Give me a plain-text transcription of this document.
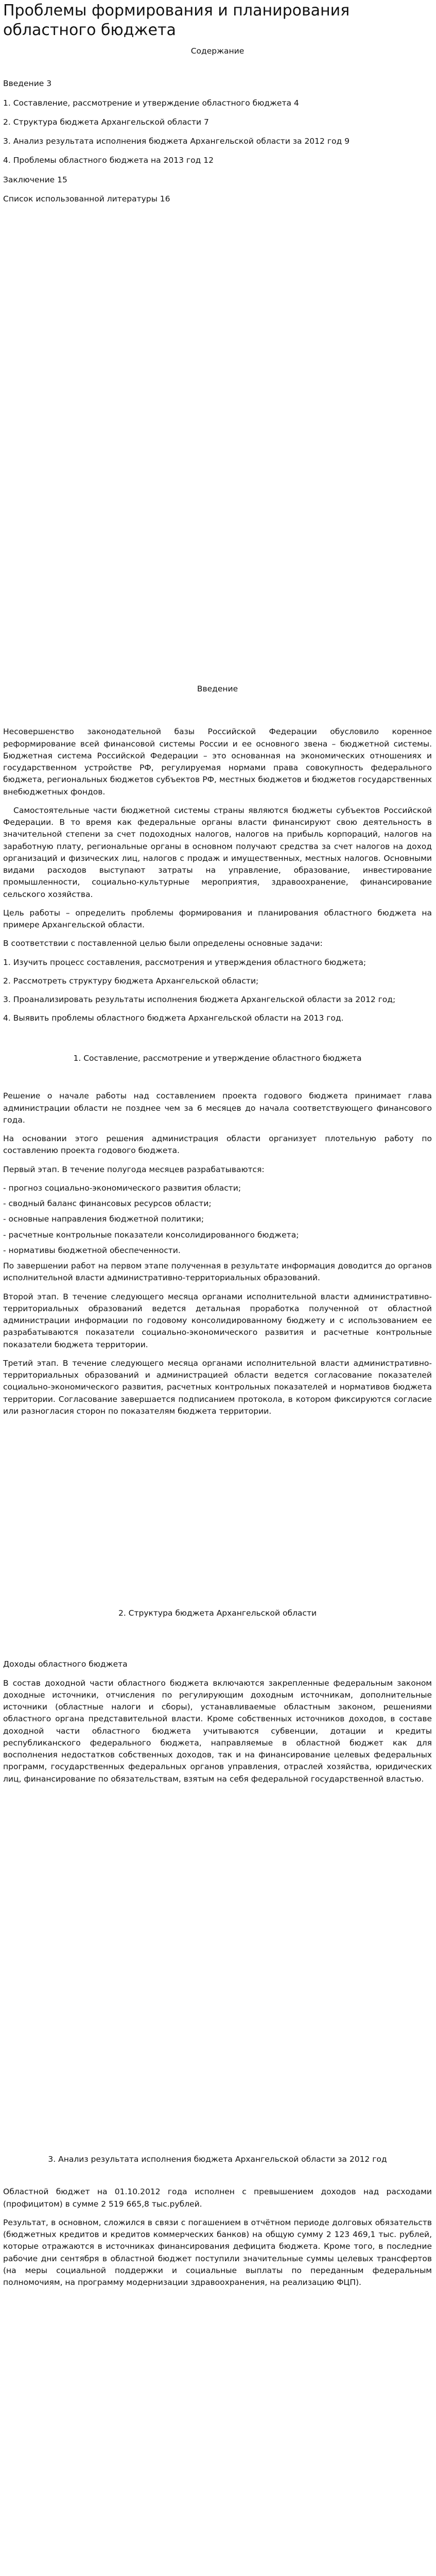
Проблемы формирования и планирования областного бюджета

Содержание

Введение 3

1. Составление, рассмотрение и утверждение областного бюджета 4

2. Структура бюджета Архангельской области 7

3. Анализ результата исполнения бюджета Архангельской области за 2012 год 9

4. Проблемы областного бюджета на 2013 год 12

Заключение 15

Список использованной литературы 16

Введение

Несовершенство законодательной базы Российской Федерации обусловило коренное реформирование всей финансовой системы России и ее основного звена – бюджетной системы. Бюджетная система Российской Федерации – это основанная на экономических отношениях и государственном устройстве РФ, регулируемая нормами права совокупность федерального бюджета, региональных бюджетов субъектов РФ, местных бюджетов и бюджетов государственных внебюджетных фондов.

Самостоятельные части бюджетной системы страны являются бюджеты субъектов Российской Федерации. В то время как федеральные органы власти финансируют свою деятельность в значительной степени за счет подоходных налогов, налогов на прибыль корпораций, налогов на заработную плату, региональные органы в основном получают средства за счет налогов на доход организаций и физических лиц, налогов с продаж и имущественных, местных налогов. Основными видами расходов выступают затраты на управление, образование, инвестирование промышленности, социально-культурные мероприятия, здравоохранение, финансирование сельского хозяйства.

Цель работы – определить проблемы формирования и планирования областного бюджета на примере Архангельской области.

В соответствии с поставленной целью были определены основные задачи:

1. Изучить процесс составления, рассмотрения и утверждения областного бюджета;

2. Рассмотреть структуру бюджета Архангельской области;

3. Проанализировать результаты исполнения бюджета Архангельской области за 2012 год;

4. Выявить проблемы областного бюджета Архангельской области на 2013 год.

1. Составление, рассмотрение и утверждение областного бюджета

Решение о начале работы над составлением проекта годового бюджета принимает глава администрации области не позднее чем за 6 месяцев до начала соответствующего финансового года.

На основании этого решения администрация области организует плотельную работу по составлению проекта годового бюджета.

Первый этап. В течение полугода месяцев разрабатываются:

- прогноз социально-экономического развития области;

- сводный баланс финансовых ресурсов области;

- основные направления бюджетной политики;

- расчетные контрольные показатели консолидированного бюджета;

- нормативы бюджетной обеспеченности.

По завершении работ на первом этапе полученная в результате информация доводится до органов исполнительной власти административно-территориальных образований.

Второй этап. В течение следующего месяца органами исполнительной власти административно-территориальных образований ведется детальная проработка полученной от областной администрации информации по годовому консолидированному бюджету и с использованием ее разрабатываются показатели социально-экономического развития и расчетные контрольные показатели бюджета территории.

Третий этап. В течение следующего месяца органами исполнительной власти административно-территориальных образований и администрацией области ведется согласование показателей социально-экономического развития, расчетных контрольных показателей и нормативов бюджета территории. Согласование завершается подписанием протокола, в котором фиксируются согласие или разногласия сторон по показателям бюджета территории.

2. Структура бюджета Архангельской области

Доходы областного бюджета

В состав доходной части областного бюджета включаются закрепленные федеральным законом доходные источники, отчисления по регулирующим доходным источникам, дополнительные источники (областные налоги и сборы), устанавливаемые областным законом, решениями областного органа представительной власти. Кроме собственных источников доходов, в составе доходной части областного бюджета учитываются субвенции, дотации и кредиты республиканского федерального бюджета, направляемые в областной бюджет как для восполнения недостатков собственных доходов, так и на финансирование целевых федеральных программ, государственных федеральных органов управления, отраслей хозяйства, юридических лиц, финансирование по обязательствам, взятым на себя федеральной государственной властью.

3. Анализ результата исполнения бюджета Архангельской области за 2012 год

Областной бюджет на 01.10.2012 года исполнен с превышением доходов над расходами (профицитом) в сумме 2 519 665,8 тыс.рублей.

Результат, в основном, сложился в связи с погашением в отчётном периоде долговых обязательств (бюджетных кредитов и кредитов коммерческих банков) на общую сумму 2 123 469,1 тыс. рублей, которые отражаются в источниках финансирования дефицита бюджета. Кроме того, в последние рабочие дни сентября в областной бюджет поступили значительные суммы целевых трансфертов (на меры социальной поддержки и социальные выплаты по переданным федеральным полномочиям, на программу модернизации здравоохранения, на реализацию ФЦП).
